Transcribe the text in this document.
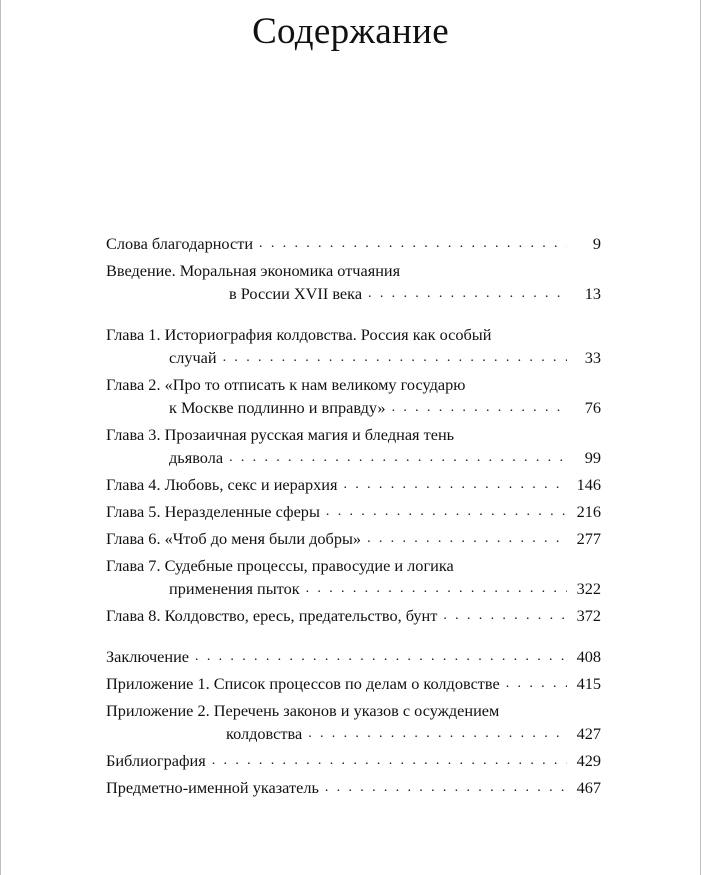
Содержание
Слова благодарности . . .	9
Введение. Моральная экономика отчаяния
в России XVII века . . .	13
Глава 1. Историография колдовства. Россия как особый
случай . . .	33
Глава 2. «Про то отписать к нам великому государю
к Москве подлинно и вправду» . . .	76
Глава 3. Прозаичная русская магия и бледная тень
дьявола . . .	99
Глава 4. Любовь, секс и иерархия . . .	146
Глава 5. Неразделенные сферы . . .	216
Глава 6. «Чтоб до меня были добры» . . .	277
Глава 7. Судебные процессы, правосудие и логика
применения пыток . . .	322
Глава 8. Колдовство, ересь, предательство, бунт . . .	372
Заключение . . .	408
Приложение 1. Список процессов по делам о колдовстве . . .	415
Приложение 2. Перечень законов и указов с осуждением
колдовства . . .	427
Библиография . . .	429
Предметно-именной указатель . . .	467
